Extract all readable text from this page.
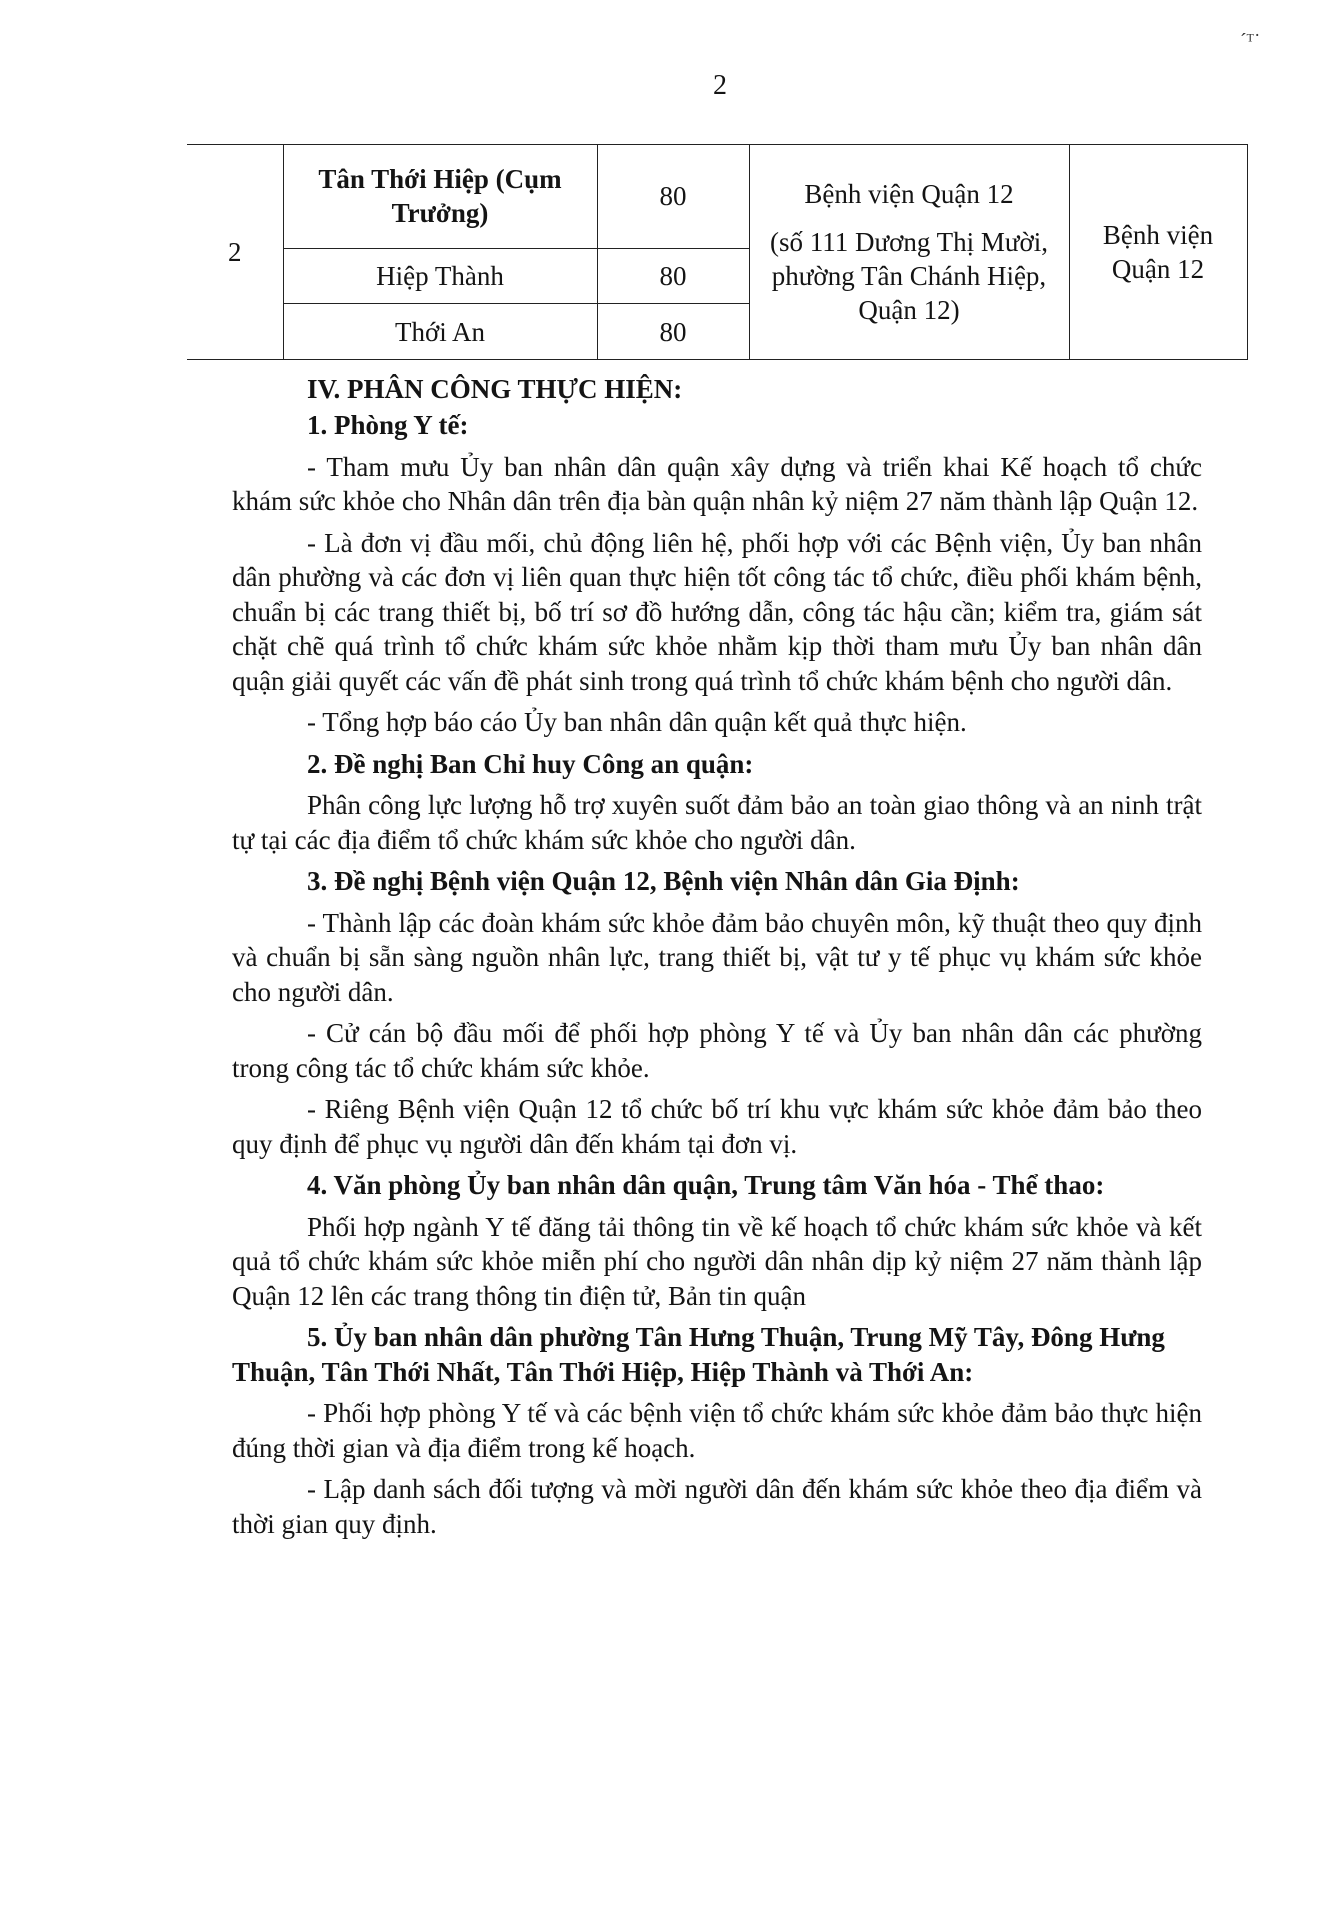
2
´ᵀ˙
2	Tân Thới Hiệp (Cụm Trưởng)	80	Bệnh viện Quận 12
(số 111 Dương Thị Mười, phường Tân Chánh Hiệp, Quận 12)	Bệnh viện Quận 12
	Hiệp Thành	80		
	Thới An	80		
IV. PHÂN CÔNG THỰC HIỆN:
1. Phòng Y tế:

- Tham mưu Ủy ban nhân dân quận xây dựng và triển khai Kế hoạch tổ chức khám sức khỏe cho Nhân dân trên địa bàn quận nhân kỷ niệm 27 năm thành lập Quận 12.

- Là đơn vị đầu mối, chủ động liên hệ, phối hợp với các Bệnh viện, Ủy ban nhân dân phường và các đơn vị liên quan thực hiện tốt công tác tổ chức, điều phối khám bệnh, chuẩn bị các trang thiết bị, bố trí sơ đồ hướng dẫn, công tác hậu cần; kiểm tra, giám sát chặt chẽ quá trình tổ chức khám sức khỏe nhằm kịp thời tham mưu Ủy ban nhân dân quận giải quyết các vấn đề phát sinh trong quá trình tổ chức khám bệnh cho người dân.

- Tổng hợp báo cáo Ủy ban nhân dân quận kết quả thực hiện.

2. Đề nghị Ban Chỉ huy Công an quận:

Phân công lực lượng hỗ trợ xuyên suốt đảm bảo an toàn giao thông và an ninh trật tự tại các địa điểm tổ chức khám sức khỏe cho người dân.

3. Đề nghị Bệnh viện Quận 12, Bệnh viện Nhân dân Gia Định:

- Thành lập các đoàn khám sức khỏe đảm bảo chuyên môn, kỹ thuật theo quy định và chuẩn bị sẵn sàng nguồn nhân lực, trang thiết bị, vật tư y tế phục vụ khám sức khỏe cho người dân.

- Cử cán bộ đầu mối để phối hợp phòng Y tế và Ủy ban nhân dân các phường trong công tác tổ chức khám sức khỏe.

- Riêng Bệnh viện Quận 12 tổ chức bố trí khu vực khám sức khỏe đảm bảo theo quy định để phục vụ người dân đến khám tại đơn vị.

4. Văn phòng Ủy ban nhân dân quận, Trung tâm Văn hóa - Thể thao:

Phối hợp ngành Y tế đăng tải thông tin về kế hoạch tổ chức khám sức khỏe và kết quả tổ chức khám sức khỏe miễn phí cho người dân nhân dịp kỷ niệm 27 năm thành lập Quận 12 lên các trang thông tin điện tử, Bản tin quận

5. Ủy ban nhân dân phường Tân Hưng Thuận, Trung Mỹ Tây, Đông Hưng Thuận, Tân Thới Nhất, Tân Thới Hiệp, Hiệp Thành và Thới An:

- Phối hợp phòng Y tế và các bệnh viện tổ chức khám sức khỏe đảm bảo thực hiện đúng thời gian và địa điểm trong kế hoạch.

- Lập danh sách đối tượng và mời người dân đến khám sức khỏe theo địa điểm và thời gian quy định.
